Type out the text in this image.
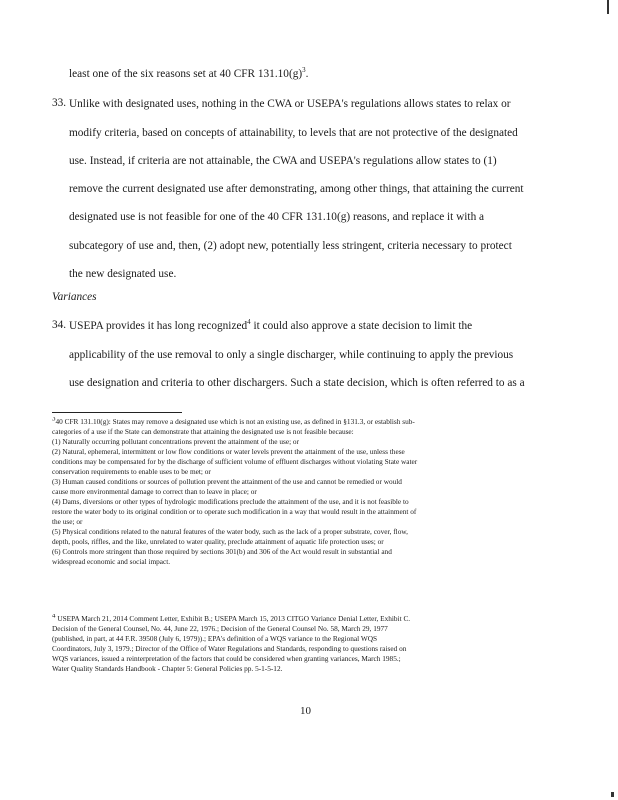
least one of the six reasons set at 40 CFR $131.10(g)^3$.
33. Unlike with designated uses, nothing in the CWA or USEPA's regulations allows states to relax or
modify criteria, based on concepts of attainability, to levels that are not protective of the designated
use. Instead, if criteria are not attainable, the CWA and USEPA's regulations allow states to (1)
remove the current designated use after demonstrating, among other things, that attaining the current
designated use is not feasible for one of the 40 CFR 131.10(g) reasons, and replace it with a
subcategory of use and, then, (2) adopt new, potentially less stringent, criteria necessary to protect
the new designated use.
Variances
34. USEPA provides it has long recognized$^4$ it could also approve a state decision to limit the
applicability of the use removal to only a single discharger, while continuing to apply the previous
use designation and criteria to other dischargers. Such a state decision, which is often referred to as a
$^3$40 CFR 131.10(g): States may remove a designated use which is not an existing use, as defined in §131.3, or establish sub-
categories of a use if the State can demonstrate that attaining the designated use is not feasible because:
(1) Naturally occurring pollutant concentrations prevent the attainment of the use; or
(2) Natural, ephemeral, intermittent or low flow conditions or water levels prevent the attainment of the use, unless these
conditions may be compensated for by the discharge of sufficient volume of effluent discharges without violating State water
conservation requirements to enable uses to be met; or
(3) Human caused conditions or sources of pollution prevent the attainment of the use and cannot be remedied or would
cause more environmental damage to correct than to leave in place; or
(4) Dams, diversions or other types of hydrologic modifications preclude the attainment of the use, and it is not feasible to
restore the water body to its original condition or to operate such modification in a way that would result in the attainment of
the use; or
(5) Physical conditions related to the natural features of the water body, such as the lack of a proper substrate, cover, flow,
depth, pools, riffles, and the like, unrelated to water quality, preclude attainment of aquatic life protection uses; or
(6) Controls more stringent than those required by sections 301(b) and 306 of the Act would result in substantial and
widespread economic and social impact.
$^4$ USEPA March 21, 2014 Comment Letter, Exhibit B.; USEPA March 15, 2013 CITGO Variance Denial Letter, Exhibit C.
Decision of the General Counsel, No. 44, June 22, 1976.; Decision of the General Counsel No. 58, March 29, 1977
(published, in part, at 44 F.R. 39508 (July 6, 1979)).; EPA's definition of a WQS variance to the Regional WQS
Coordinators, July 3, 1979.; Director of the Office of Water Regulations and Standards, responding to questions raised on
WQS variances, issued a reinterpretation of the factors that could be considered when granting variances, March 1985.;
Water Quality Standards Handbook - Chapter 5: General Policies pp. 5-1-5-12.
10
